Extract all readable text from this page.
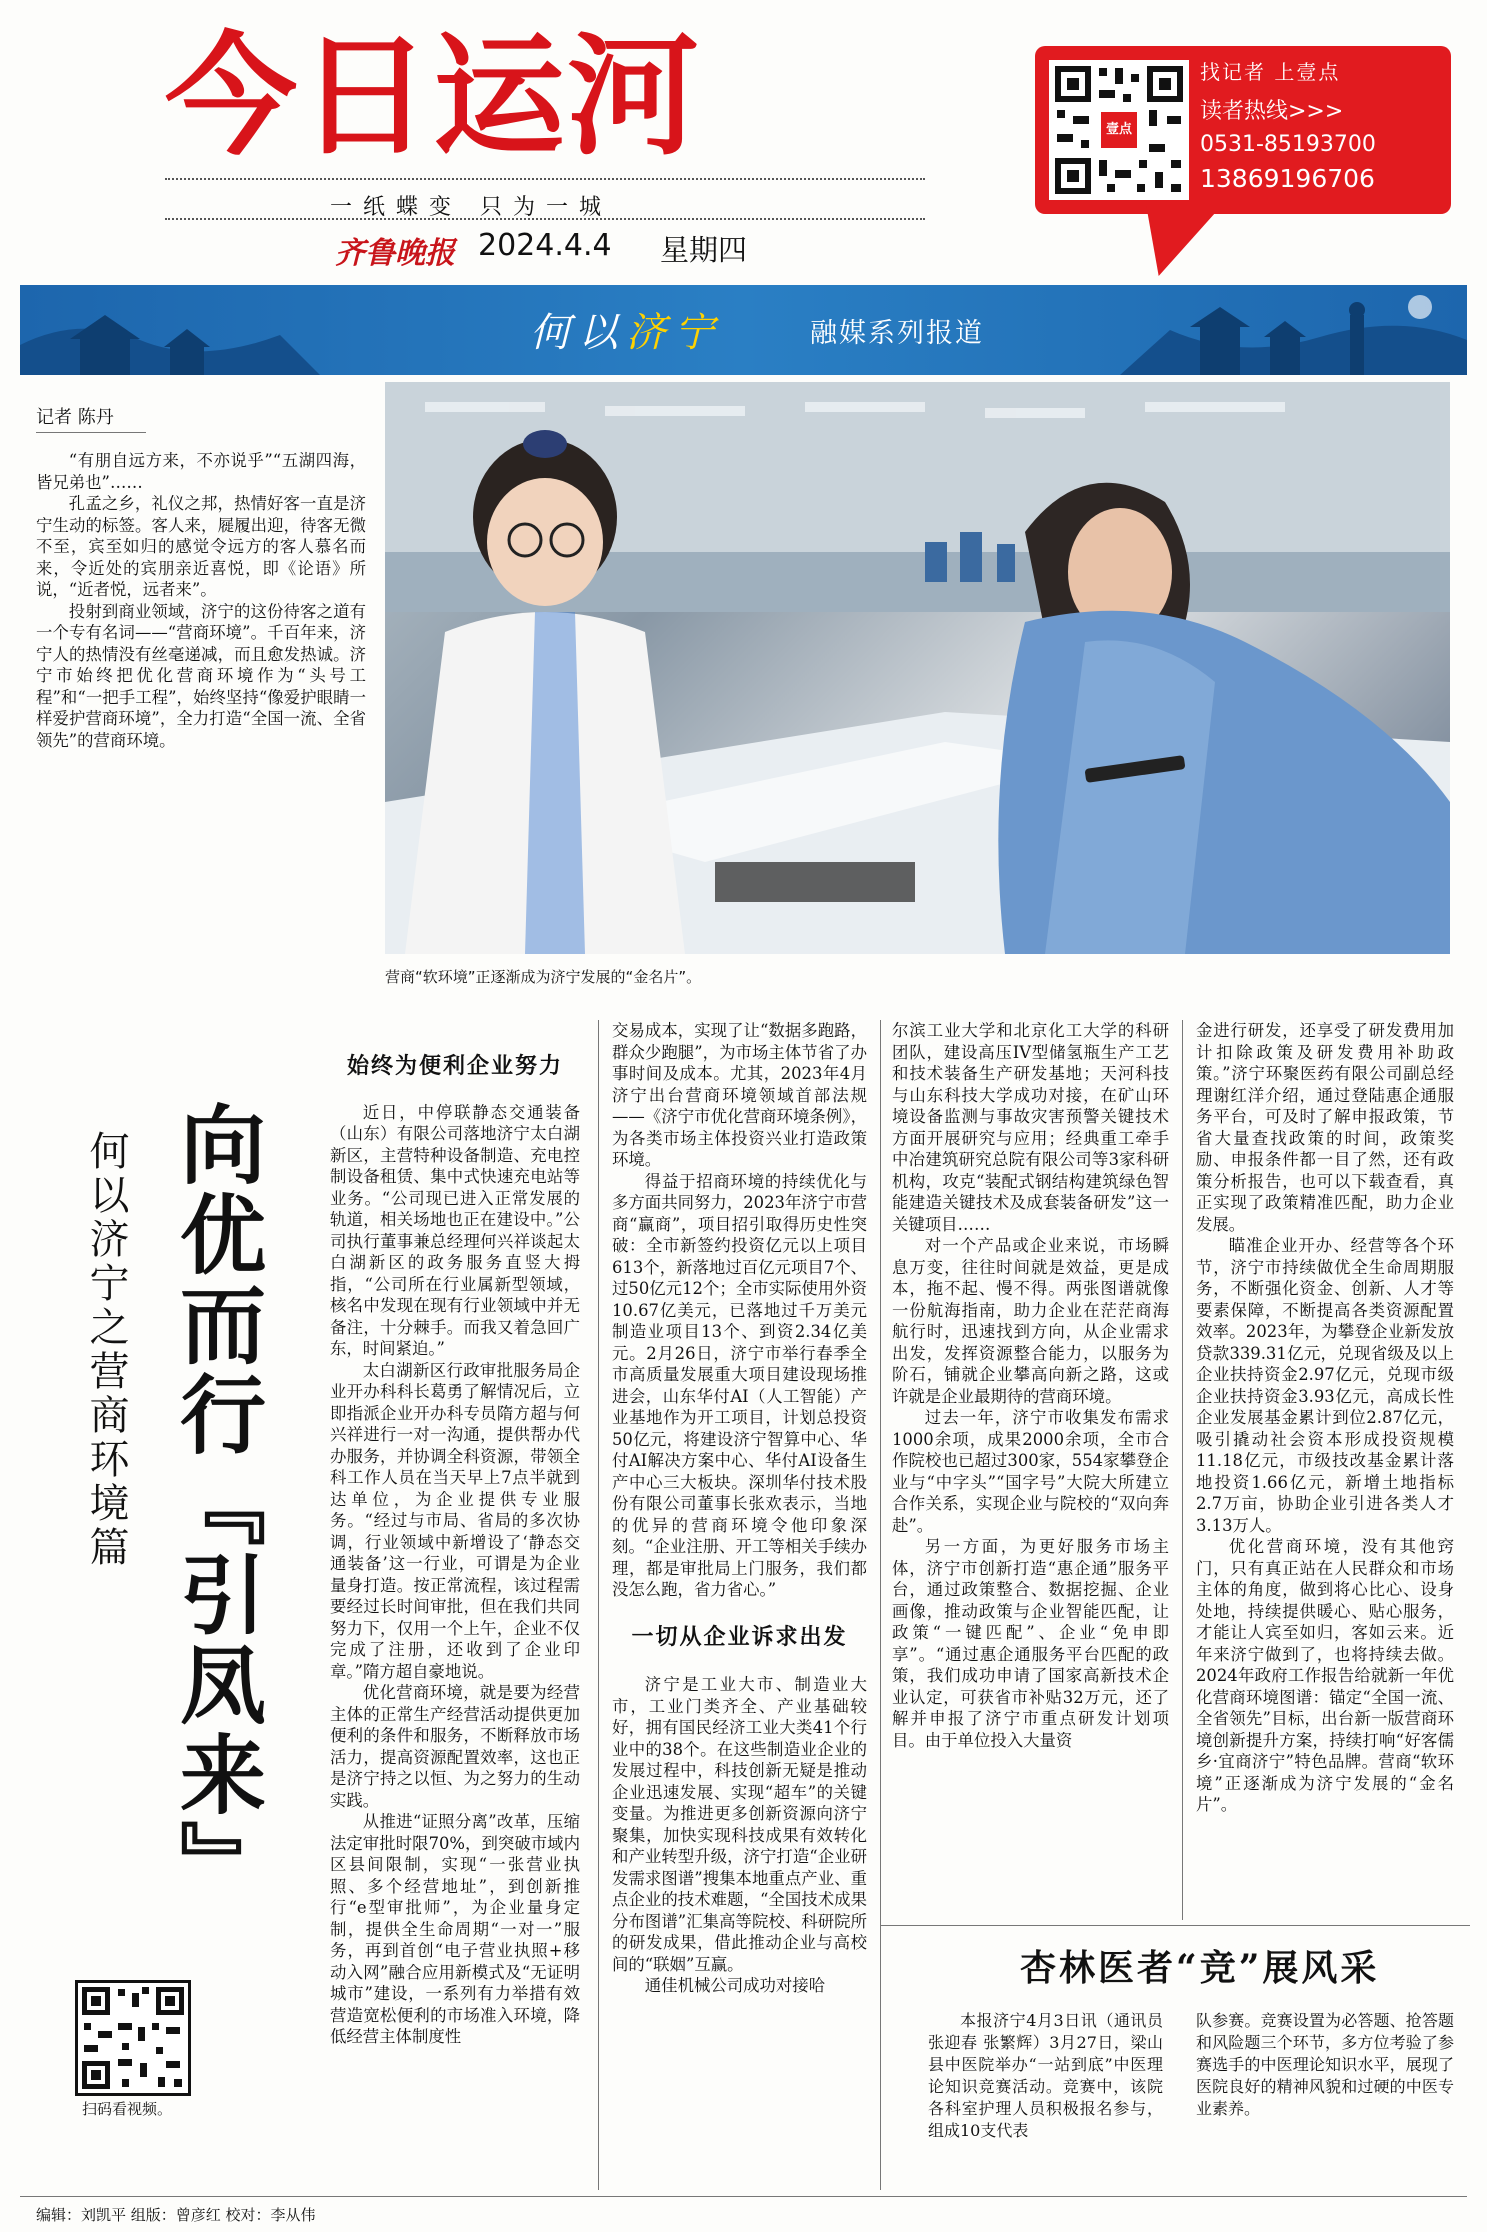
今日运河
一纸蝶变 只为一城
齐鲁晚报 2024.4.4 星期四
壹点
找记者 上壹点
读者热线>>>
0531-85193700
13869196706
何以济宁	融媒系列报道
记者 陈丹

“有朋自远方来，不亦说乎”“五湖四海，皆兄弟也”……

孔孟之乡，礼仪之邦，热情好客一直是济宁生动的标签。客人来，屣履出迎，待客无微不至，宾至如归的感觉令远方的客人慕名而来，令近处的宾朋亲近喜悦，即《论语》所说，“近者悦，远者来”。

投射到商业领域，济宁的这份待客之道有一个专有名词——“营商环境”。千百年来，济宁人的热情没有丝毫递减，而且愈发热诚。济宁市始终把优化营商环境作为“头号工程”和“一把手工程”，始终坚持“像爱护眼睛一样爱护营商环境”，全力打造“全国一流、全省领先”的营商环境。

营商“软环境”正逐渐成为济宁发展的“金名片”。
向优而行『引凤来』
何以济宁之营商环境篇
始终为便利企业努力

近日，中停联静态交通装备（山东）有限公司落地济宁太白湖新区，主营特种设备制造、充电控制设备租赁、集中式快速充电站等业务。“公司现已进入正常发展的轨道，相关场地也正在建设中。”公司执行董事兼总经理何兴祥谈起太白湖新区的政务服务直竖大拇指，“公司所在行业属新型领域，核名中发现在现有行业领域中并无备注，十分棘手。而我又着急回广东，时间紧迫。”

太白湖新区行政审批服务局企业开办科科长葛勇了解情况后，立即指派企业开办科专员隋方超与何兴祥进行一对一沟通，提供帮办代办服务，并协调全科资源，带领全科工作人员在当天早上7点半就到达单位，为企业提供专业服务。“经过与市局、省局的多次协调，行业领域中新增设了‘静态交通装备’这一行业，可谓是为企业量身打造。按正常流程，该过程需要经过长时间审批，但在我们共同努力下，仅用一个上午，企业不仅完成了注册，还收到了企业印章。”隋方超自豪地说。

优化营商环境，就是要为经营主体的正常生产经营活动提供更加便利的条件和服务，不断释放市场活力，提高资源配置效率，这也正是济宁持之以恒、为之努力的生动实践。

从推进“证照分离”改革，压缩法定审批时限70%，到突破市域内区县间限制，实现“一张营业执照、多个经营地址”，到创新推行“e型审批师”，为企业量身定制，提供全生命周期“一对一”服务，再到首创“电子营业执照+移动入网”融合应用新模式及“无证明城市”建设，一系列有力举措有效营造宽松便利的市场准入环境，降低经营主体制度性

交易成本，实现了让“数据多跑路，群众少跑腿”，为市场主体节省了办事时间及成本。尤其，2023年4月济宁出台营商环境领域首部法规——《济宁市优化营商环境条例》，为各类市场主体投资兴业打造政策环境。

得益于招商环境的持续优化与多方面共同努力，2023年济宁市营商“赢商”，项目招引取得历史性突破：全市新签约投资亿元以上项目613个，新落地过百亿元项目7个、过50亿元12个；全市实际使用外资10.67亿美元，已落地过千万美元制造业项目13个、到资2.34亿美元。2月26日，济宁市举行春季全市高质量发展重大项目建设现场推进会，山东华付AI（人工智能）产业基地作为开工项目，计划总投资50亿元，将建设济宁智算中心、华付AI解决方案中心、华付AI设备生产中心三大板块。深圳华付技术股份有限公司董事长张欢表示，当地的优异的营商环境令他印象深刻。“企业注册、开工等相关手续办理，都是审批局上门服务，我们都没怎么跑，省力省心。”

一切从企业诉求出发

济宁是工业大市、制造业大市，工业门类齐全、产业基础较好，拥有国民经济工业大类41个行业中的38个。在这些制造业企业的发展过程中，科技创新无疑是推动企业迅速发展、实现“超车”的关键变量。为推进更多创新资源向济宁聚集，加快实现科技成果有效转化和产业转型升级，济宁打造“企业研发需求图谱”搜集本地重点产业、重点企业的技术难题，“全国技术成果分布图谱”汇集高等院校、科研院所的研发成果，借此推动企业与高校间的“联姻”互赢。

通佳机械公司成功对接哈

尔滨工业大学和北京化工大学的科研团队，建设高压IV型储氢瓶生产工艺和技术装备生产研发基地；天河科技与山东科技大学成功对接，在矿山环境设备监测与事故灾害预警关键技术方面开展研究与应用；经典重工牵手中冶建筑研究总院有限公司等3家科研机构，攻克“装配式钢结构建筑绿色智能建造关键技术及成套装备研发”这一关键项目……

对一个产品或企业来说，市场瞬息万变，往往时间就是效益，更是成本，拖不起、慢不得。两张图谱就像一份航海指南，助力企业在茫茫商海航行时，迅速找到方向，从企业需求出发，发挥资源整合能力，以服务为阶石，铺就企业攀高向新之路，这或许就是企业最期待的营商环境。

过去一年，济宁市收集发布需求1000余项，成果2000余项，全市合作院校也已超过300家，554家攀登企业与“中字头”“国字号”大院大所建立合作关系，实现企业与院校的“双向奔赴”。

另一方面，为更好服务市场主体，济宁市创新打造“惠企通”服务平台，通过政策整合、数据挖掘、企业画像，推动政策与企业智能匹配，让政策“一键匹配”、企业“免申即享”。“通过惠企通服务平台匹配的政策，我们成功申请了国家高新技术企业认定，可获省市补贴32万元，还了解并申报了济宁市重点研发计划项目。由于单位投入大量资

金进行研发，还享受了研发费用加计扣除政策及研发费用补助政策。”济宁环聚医药有限公司副总经理谢红洋介绍，通过登陆惠企通服务平台，可及时了解申报政策，节省大量查找政策的时间，政策奖励、申报条件都一目了然，还有政策分析报告，也可以下载查看，真正实现了政策精准匹配，助力企业发展。

瞄准企业开办、经营等各个环节，济宁市持续做优全生命周期服务，不断强化资金、创新、人才等要素保障，不断提高各类资源配置效率。2023年，为攀登企业新发放贷款339.31亿元，兑现省级及以上企业扶持资金2.97亿元，兑现市级企业扶持资金3.93亿元，高成长性企业发展基金累计到位2.87亿元，吸引撬动社会资本形成投资规模11.18亿元，市级技改基金累计落地投资1.66亿元，新增土地指标2.7万亩，协助企业引进各类人才3.13万人。

优化营商环境，没有其他窍门，只有真正站在人民群众和市场主体的角度，做到将心比心、设身处地，持续提供暖心、贴心服务，才能让人宾至如归，客如云来。近年来济宁做到了，也将持续去做。2024年政府工作报告给就新一年优化营商环境图谱：锚定“全国一流、全省领先”目标，出台新一版营商环境创新提升方案，持续打响“好客儒乡·宜商济宁”特色品牌。营商“软环境”正逐渐成为济宁发展的“金名片”。

杏林医者“竞”展风采

本报济宁4月3日讯（通讯员 张迎春 张繁辉）3月27日，梁山县中医院举办“一站到底”中医理论知识竞赛活动。竞赛中，该院各科室护理人员积极报名参与，组成10支代表

队参赛。竞赛设置为必答题、抢答题和风险题三个环节，多方位考验了参赛选手的中医理论知识水平，展现了医院良好的精神风貌和过硬的中医专业素养。

扫码看视频。
编辑：刘凯平 组版：曾彦红 校对：李从伟
